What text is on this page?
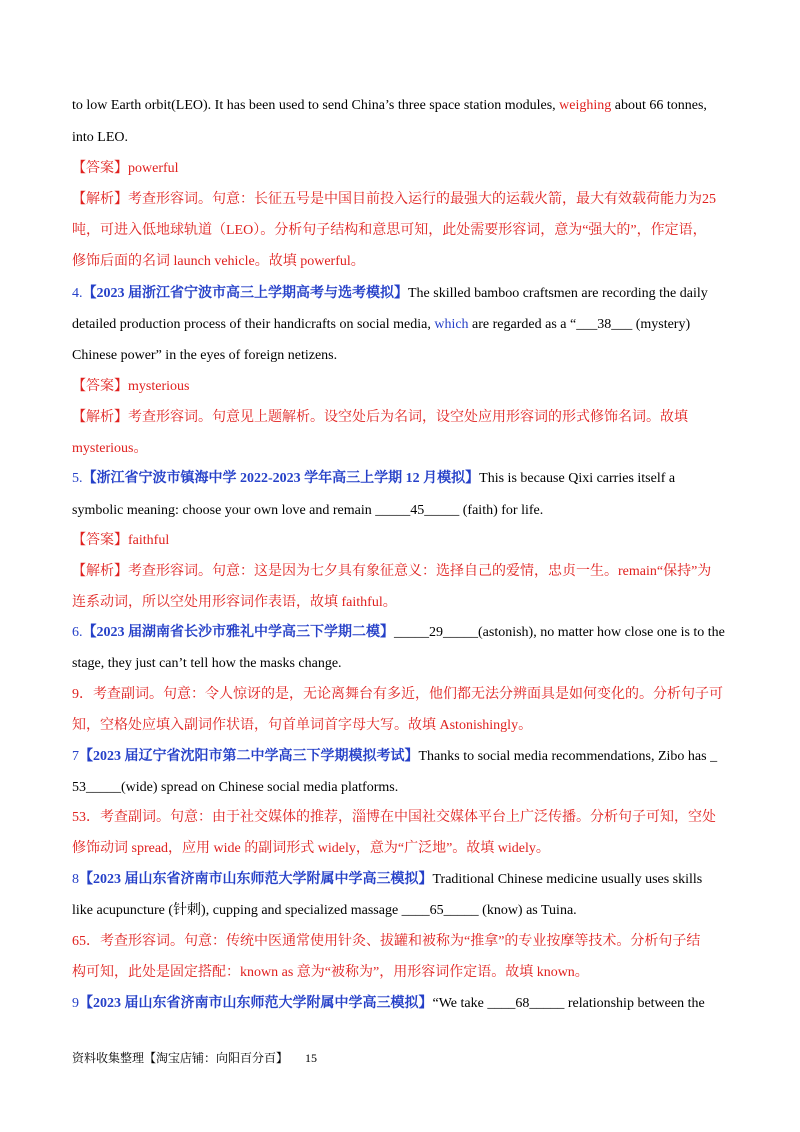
to low Earth orbit(LEO). It has been used to send China’s three space station modules, weighing about 66 tonnes,
into LEO.
【答案】powerful
【解析】考查形容词。句意：长征五号是中国目前投入运行的最强大的运载火箭，最大有效载荷能力为25
吨，可进入低地球轨道（LEO）。分析句子结构和意思可知，此处需要形容词，意为“强大的”，作定语，
修饰后面的名词 launch vehicle。故填 powerful。
4.【2023 届浙江省宁波市高三上学期高考与选考模拟】The skilled bamboo craftsmen are recording the daily
detailed production process of their handicrafts on social media, which are regarded as a “___38___ (mystery)
Chinese power” in the eyes of foreign netizens.
【答案】mysterious
【解析】考查形容词。句意见上题解析。设空处后为名词，设空处应用形容词的形式修饰名词。故填
mysterious。
5.【浙江省宁波市镇海中学 2022-2023 学年高三上学期 12 月模拟】This is because Qixi carries itself a
symbolic meaning: choose your own love and remain _____45_____ (faith) for life.
【答案】faithful
【解析】考查形容词。句意：这是因为七夕具有象征意义：选择自己的爱情，忠贞一生。remain“保持”为
连系动词，所以空处用形容词作表语，故填 faithful。
6.【2023 届湖南省长沙市雅礼中学高三下学期二模】_____29_____(astonish), no matter how close one is to the
stage, they just can’t tell how the masks change.
9．考查副词。句意：令人惊讶的是，无论离舞台有多近，他们都无法分辨面具是如何变化的。分析句子可
知，空格处应填入副词作状语，句首单词首字母大写。故填 Astonishingly。
7【2023 届辽宁省沈阳市第二中学高三下学期模拟考试】Thanks to social media recommendations, Zibo has _
53_____(wide) spread on Chinese social media platforms.
53．考查副词。句意：由于社交媒体的推荐，淄博在中国社交媒体平台上广泛传播。分析句子可知，空处
修饰动词 spread，应用 wide 的副词形式 widely，意为“广泛地”。故填 widely。
8【2023 届山东省济南市山东师范大学附属中学高三模拟】Traditional Chinese medicine usually uses skills
like acupuncture (针刺), cupping and specialized massage ____65_____ (know) as Tuina.
65．考查形容词。句意：传统中医通常使用针灸、拔罐和被称为“推拿”的专业按摩等技术。分析句子结
构可知，此处是固定搭配：known as 意为“被称为”，用形容词作定语。故填 known。
9【2023 届山东省济南市山东师范大学附属中学高三模拟】“We take ____68_____ relationship between the
资料收集整理【淘宝店铺：向阳百分百】 15
